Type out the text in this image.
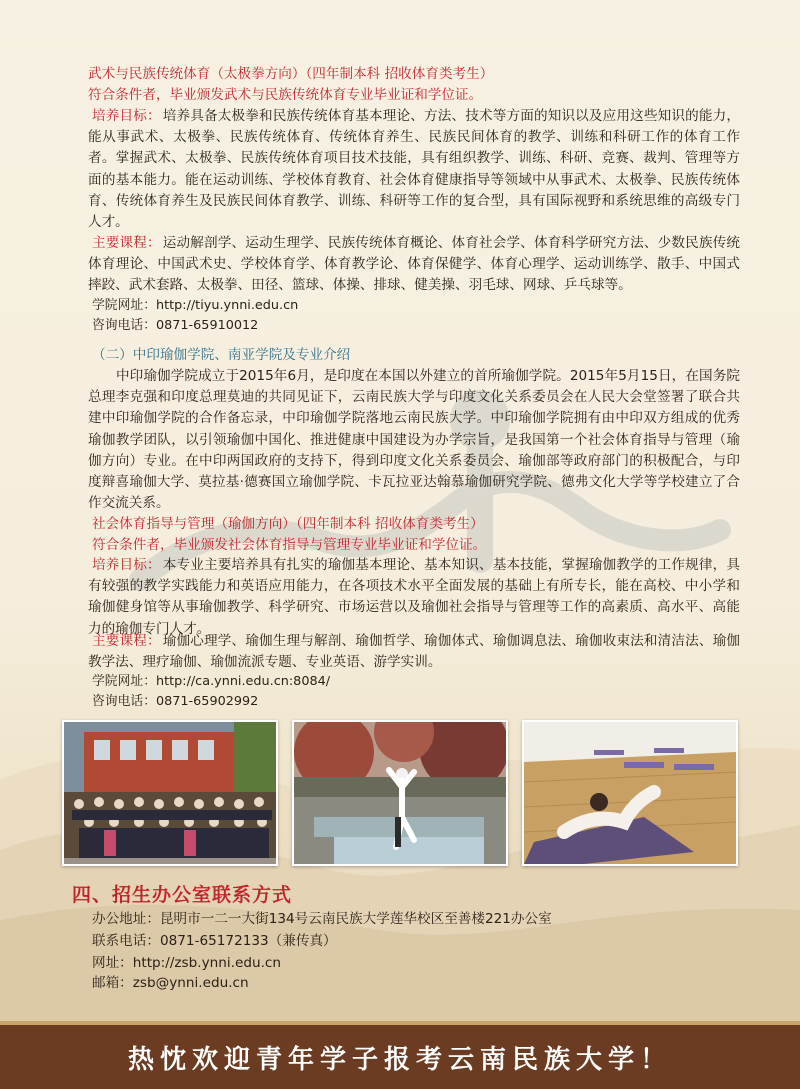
武术与民族传统体育（太极拳方向）（四年制本科 招收体育类考生）
符合条件者，毕业颁发武术与民族传统体育专业毕业证和学位证。
培养目标： 培养具备太极拳和民族传统体育基本理论、方法、技术等方面的知识以及应用这些知识的能力，能从事武术、太极拳、民族传统体育、传统体育养生、民族民间体育的教学、训练和科研工作的体育工作者。掌握武术、太极拳、民族传统体育项目技术技能，具有组织教学、训练、科研、竞赛、裁判、管理等方面的基本能力。能在运动训练、学校体育教育、社会体育健康指导等领域中从事武术、太极拳、民族传统体育、传统体育养生及民族民间体育教学、训练、科研等工作的复合型，具有国际视野和系统思维的高级专门人才。
主要课程： 运动解剖学、运动生理学、民族传统体育概论、体育社会学、体育科学研究方法、少数民族传统体育理论、中国武术史、学校体育学、体育教学论、体育保健学、体育心理学、运动训练学、散手、中国式摔跤、武术套路、太极拳、田径、篮球、体操、排球、健美操、羽毛球、网球、乒乓球等。
学院网址：http://tiyu.ynni.edu.cn
咨询电话：0871-65910012
（二）中印瑜伽学院、南亚学院及专业介绍
中印瑜伽学院成立于2015年6月，是印度在本国以外建立的首所瑜伽学院。2015年5月15日，在国务院总理李克强和印度总理莫迪的共同见证下，云南民族大学与印度文化关系委员会在人民大会堂签署了联合共建中印瑜伽学院的合作备忘录，中印瑜伽学院落地云南民族大学。中印瑜伽学院拥有由中印双方组成的优秀瑜伽教学团队，以引领瑜伽中国化、推进健康中国建设为办学宗旨，是我国第一个社会体育指导与管理（瑜伽方向）专业。在中印两国政府的支持下，得到印度文化关系委员会、瑜伽部等政府部门的积极配合，与印度辩喜瑜伽大学、莫拉基·德赛国立瑜伽学院、卡瓦拉亚达翰慕瑜伽研究学院、德弗文化大学等学校建立了合作交流关系。
社会体育指导与管理（瑜伽方向）（四年制本科 招收体育类考生）
符合条件者，毕业颁发社会体育指导与管理专业毕业证和学位证。
培养目标： 本专业主要培养具有扎实的瑜伽基本理论、基本知识、基本技能，掌握瑜伽教学的工作规律，具有较强的教学实践能力和英语应用能力，在各项技术水平全面发展的基础上有所专长，能在高校、中小学和瑜伽健身馆等从事瑜伽教学、科学研究、市场运营以及瑜伽社会指导与管理等工作的高素质、高水平、高能力的瑜伽专门人才。
主要课程： 瑜伽心理学、瑜伽生理与解剖、瑜伽哲学、瑜伽体式、瑜伽调息法、瑜伽收束法和清洁法、瑜伽教学法、理疗瑜伽、瑜伽流派专题、专业英语、游学实训。
学院网址：http://ca.ynni.edu.cn:8084/
咨询电话：0871-65902992
四、招生办公室联系方式
办公地址：昆明市一二一大街134号云南民族大学莲华校区至善楼221办公室
联系电话：0871-65172133（兼传真）
网址：http://zsb.ynni.edu.cn
邮箱：zsb@ynni.edu.cn
热忱欢迎青年学子报考云南民族大学！
